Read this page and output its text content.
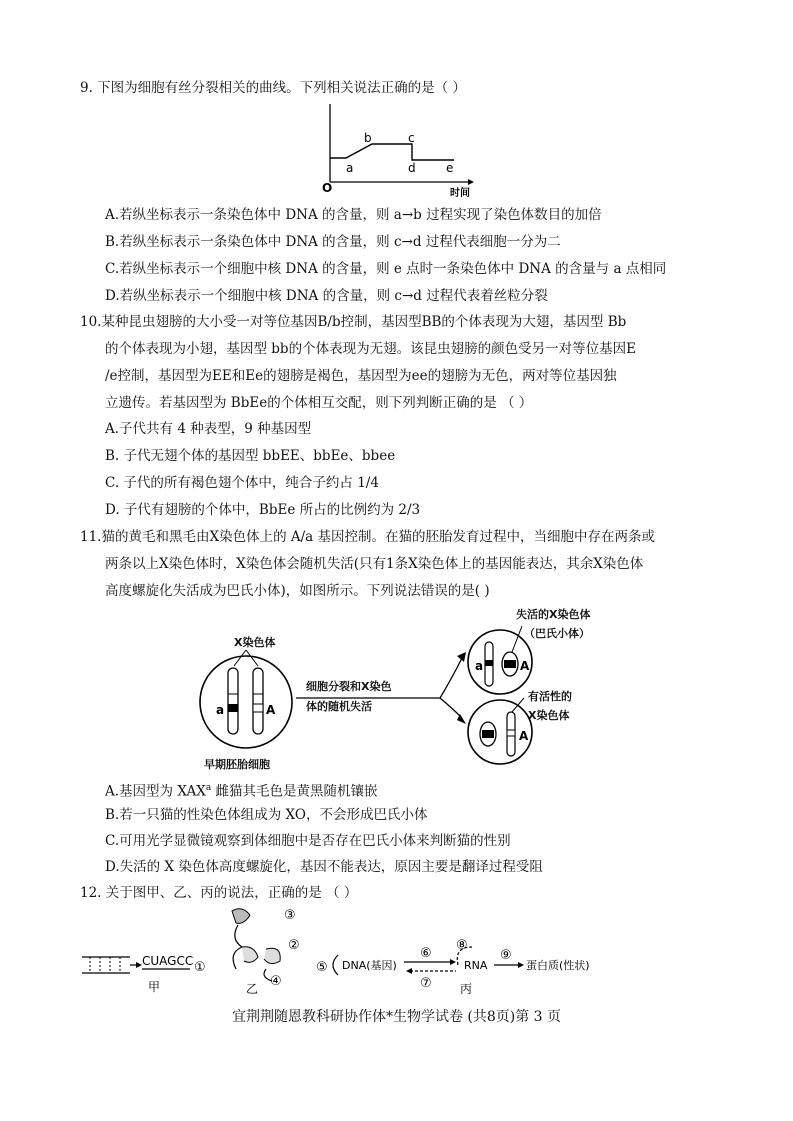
9. 下图为细胞有丝分裂相关的曲线。下列相关说法正确的是（ ）
a
b	c
d	e
O	时间
A.若纵坐标表示一条染色体中 DNA 的含量，则 a→b 过程实现了染色体数目的加倍
B.若纵坐标表示一条染色体中 DNA 的含量，则 c→d 过程代表细胞一分为二
C.若纵坐标表示一个细胞中核 DNA 的含量，则 e 点时一条染色体中 DNA 的含量与 a 点相同
D.若纵坐标表示一个细胞中核 DNA 的含量，则 c→d 过程代表着丝粒分裂
10.某种昆虫翅膀的大小受一对等位基因B/b控制，基因型BB的个体表现为大翅，基因型 Bb
的个体表现为小翅，基因型 bb的个体表现为无翅。该昆虫翅膀的颜色受另一对等位基因E
/e控制，基因型为EE和Ee的翅膀是褐色，基因型为ee的翅膀为无色，两对等位基因独
立遗传。若基因型为 BbEe的个体相互交配，则下列判断正确的是 （ ）
A.子代共有 4 种表型，9 种基因型
B. 子代无翅个体的基因型 bbEE、bbEe、bbee
C. 子代的所有褐色翅个体中，纯合子约占 1/4
D. 子代有翅膀的个体中，BbEe 所占的比例约为 2/3
11.猫的黄毛和黑毛由X染色体上的 A/a 基因控制。在猫的胚胎发育过程中，当细胞中存在两条或
两条以上X染色体时，X染色体会随机失活(只有1条X染色体上的基因能表达，其余X染色体
高度螺旋化失活成为巴氏小体)，如图所示。下列说法错误的是( )
a	A
a	A
A
X染色体
细胞分裂和X染色
体的随机失活
早期胚胎细胞
失活的X染色体
（巴氏小体）
有活性的
X染色体
A.基因型为 XAX$^a$ 雌猫其毛色是黄黑随机镶嵌
B.若一只猫的性染色体组成为 XO，不会形成巴氏小体
C.可用光学显微镜观察到体细胞中是否存在巴氏小体来判断猫的性别
D.失活的 X 染色体高度螺旋化，基因不能表达，原因主要是翻译过程受阻
12. 关于图甲、乙、丙的说法，正确的是 （ ）
CUAGCC ①
甲
③
②
④
乙
⑤ DNA(基因)
⑥
⑦
⑧
RNA
⑨
蛋白质(性状)
丙
宜荆荆随恩教科研协作体*生物学试卷 (共8页)第 3 页
